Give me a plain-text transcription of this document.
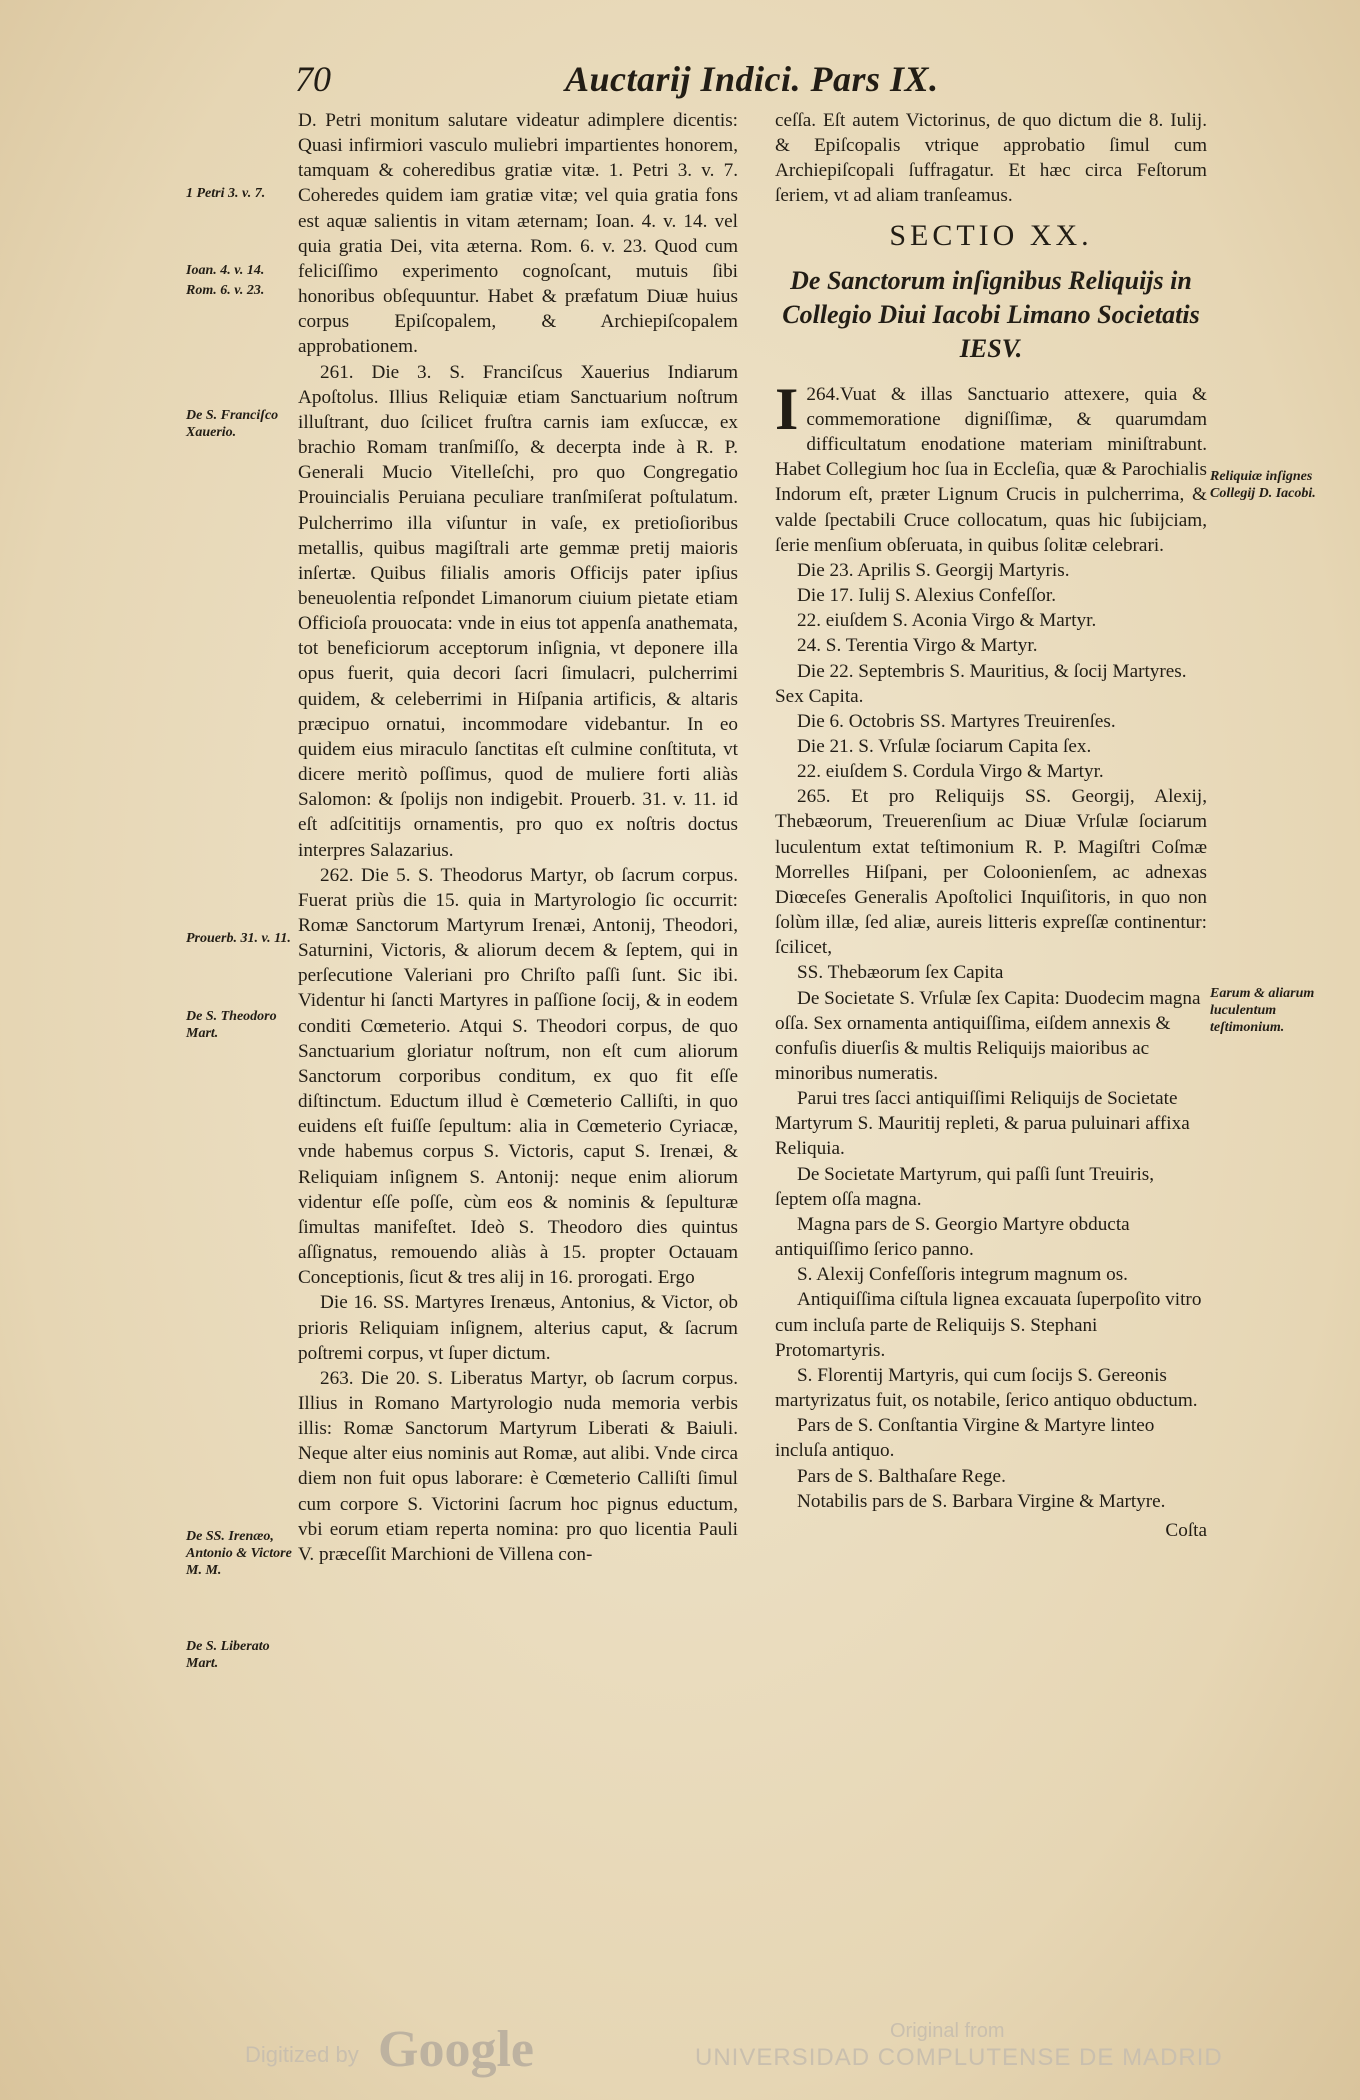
70	Auctarij Indici. Pars IX.
1 Petri 3. v. 7.
Ioan. 4. v. 14.
Rom. 6. v. 23.
De S. Franciſco Xauerio.
Prouerb. 31. v. 11.
De S. Theodoro Mart.
De SS. Irenæo, Antonio & Victore M. M.
De S. Liberato Mart.

D. Petri monitum salutare videatur adimplere dicentis: Quasi infirmiori vasculo muliebri impartientes honorem, tamquam & coheredibus gratiæ vitæ. 1. Petri 3. v. 7. Coheredes quidem iam gratiæ vitæ; vel quia gratia fons est aquæ salientis in vitam æternam; Ioan. 4. v. 14. vel quia gratia Dei, vita æterna. Rom. 6. v. 23. Quod cum feliciſſimo experimento cognoſcant, mutuis ſibi honoribus obſequuntur. Habet & præfatum Diuæ huius corpus Epiſcopalem, & Archiepiſcopalem approbationem.

261. Die 3. S. Franciſcus Xauerius Indiarum Apoſtolus. Illius Reliquiæ etiam Sanctuarium noſtrum illuſtrant, duo ſcilicet fruſtra carnis iam exſuccæ, ex brachio Romam tranſmiſſo, & decerpta inde à R. P. Generali Mucio Vitelleſchi, pro quo Congregatio Prouincialis Peruiana peculiare tranſmiſerat poſtulatum. Pulcherrimo illa viſuntur in vaſe, ex pretioſioribus metallis, quibus magiſtrali arte gemmæ pretij maioris inſertæ. Quibus filialis amoris Officijs pater ipſius beneuolentia reſpondet Limanorum ciuium pietate etiam Officioſa prouocata: vnde in eius tot appenſa anathemata, tot beneficiorum acceptorum inſignia, vt deponere illa opus fuerit, quia decori ſacri ſimulacri, pulcherrimi quidem, & celeberrimi in Hiſpania artificis, & altaris præcipuo ornatui, incommodare videbantur. In eo quidem eius miraculo ſanctitas eſt culmine conſtituta, vt dicere meritò poſſimus, quod de muliere forti aliàs Salomon: & ſpolijs non indigebit. Prouerb. 31. v. 11. id eſt adſcititijs ornamentis, pro quo ex noſtris doctus interpres Salazarius.

262. Die 5. S. Theodorus Martyr, ob ſacrum corpus. Fuerat priùs die 15. quia in Martyrologio ſic occurrit: Romæ Sanctorum Martyrum Irenæi, Antonij, Theodori, Saturnini, Victoris, & aliorum decem & ſeptem, qui in perſecutione Valeriani pro Chriſto paſſi ſunt. Sic ibi. Videntur hi ſancti Martyres in paſſione ſocij, & in eodem conditi Cœmeterio. Atqui S. Theodori corpus, de quo Sanctuarium gloriatur noſtrum, non eſt cum aliorum Sanctorum corporibus conditum, ex quo fit eſſe diſtinctum. Eductum illud è Cœmeterio Calliſti, in quo euidens eſt fuiſſe ſepultum: alia in Cœmeterio Cyriacæ, vnde habemus corpus S. Victoris, caput S. Irenæi, & Reliquiam inſignem S. Antonij: neque enim aliorum videntur eſſe poſſe, cùm eos & nominis & ſepulturæ ſimultas manifeſtet. Ideò S. Theodoro dies quintus aſſignatus, remouendo aliàs à 15. propter Octauam Conceptionis, ſicut & tres alij in 16. prorogati. Ergo

Die 16. SS. Martyres Irenæus, Antonius, & Victor, ob prioris Reliquiam inſignem, alterius caput, & ſacrum poſtremi corpus, vt ſuper dictum.

263. Die 20. S. Liberatus Martyr, ob ſacrum corpus. Illius in Romano Martyrologio nuda memoria verbis illis: Romæ Sanctorum Martyrum Liberati & Baiuli. Neque alter eius nominis aut Romæ, aut alibi. Vnde circa diem non fuit opus laborare: è Cœmeterio Calliſti ſimul cum corpore S. Victorini ſacrum hoc pignus eductum, vbi eorum etiam reperta nomina: pro quo licentia Pauli V. præceſſit Marchioni de Villena con-

Reliquiæ inſignes Collegij D. Iacobi.
Earum & aliarum luculentum teſtimonium.

ceſſa. Eſt autem Victorinus, de quo dictum die 8. Iulij. & Epiſcopalis vtrique approbatio ſimul cum Archiepiſcopali ſuffragatur. Et hæc circa Feſtorum ſeriem, vt ad aliam tranſeamus.

SECTIO XX.
De Sanctorum inſignibus Reliquijs in Collegio Diui Iacobi Limano Societatis IESV.

264.
I Vuat & illas Sanctuario attexere, quia & commemoratione digniſſimæ, & quarumdam difficultatum enodatione materiam miniſtrabunt. Habet Collegium hoc ſua in Eccleſia, quæ & Parochialis Indorum eſt, præter Lignum Crucis in pulcherrima, & valde ſpectabili Cruce collocatum, quas hic ſubijciam, ſerie menſium obſeruata, in quibus ſolitæ celebrari.

Die 23. Aprilis S. Georgij Martyris.

Die 17. Iulij S. Alexius Confeſſor.

22. eiuſdem S. Aconia Virgo & Martyr.

24. S. Terentia Virgo & Martyr.

Die 22. Septembris S. Mauritius, & ſocij Martyres. Sex Capita.

Die 6. Octobris SS. Martyres Treuirenſes.

Die 21. S. Vrſulæ ſociarum Capita ſex.

22. eiuſdem S. Cordula Virgo & Martyr.

265. Et pro Reliquijs SS. Georgij, Alexij, Thebæorum, Treuerenſium ac Diuæ Vrſulæ ſociarum luculentum extat teſtimonium R. P. Magiſtri Coſmæ Morrelles Hiſpani, per Coloonienſem, ac adnexas Diœceſes Generalis Apoſtolici Inquiſitoris, in quo non ſolùm illæ, ſed aliæ, aureis litteris expreſſæ continentur: ſcilicet,

SS. Thebæorum ſex Capita

De Societate S. Vrſulæ ſex Capita: Duodecim magna oſſa. Sex ornamenta antiquiſſima, eiſdem annexis & confuſis diuerſis & multis Reliquijs maioribus ac minoribus numeratis.

Parui tres ſacci antiquiſſimi Reliquijs de Societate Martyrum S. Mauritij repleti, & parua puluinari affixa Reliquia.

De Societate Martyrum, qui paſſi ſunt Treuiris, ſeptem oſſa magna.

Magna pars de S. Georgio Martyre obducta antiquiſſimo ſerico panno.

S. Alexij Confeſſoris integrum magnum os.

Antiquiſſima ciſtula lignea excauata ſuperpoſito vitro cum incluſa parte de Reliquijs S. Stephani Protomartyris.

S. Florentij Martyris, qui cum ſocijs S. Gereonis martyrizatus fuit, os notabile, ſerico antiquo obductum.

Pars de S. Conſtantia Virgine & Martyre linteo incluſa antiquo.

Pars de S. Balthaſare Rege.

Notabilis pars de S. Barbara Virgine & Martyre.

Coſta

Digitized by Google	Original from
UNIVERSIDAD COMPLUTENSE DE MADRID
